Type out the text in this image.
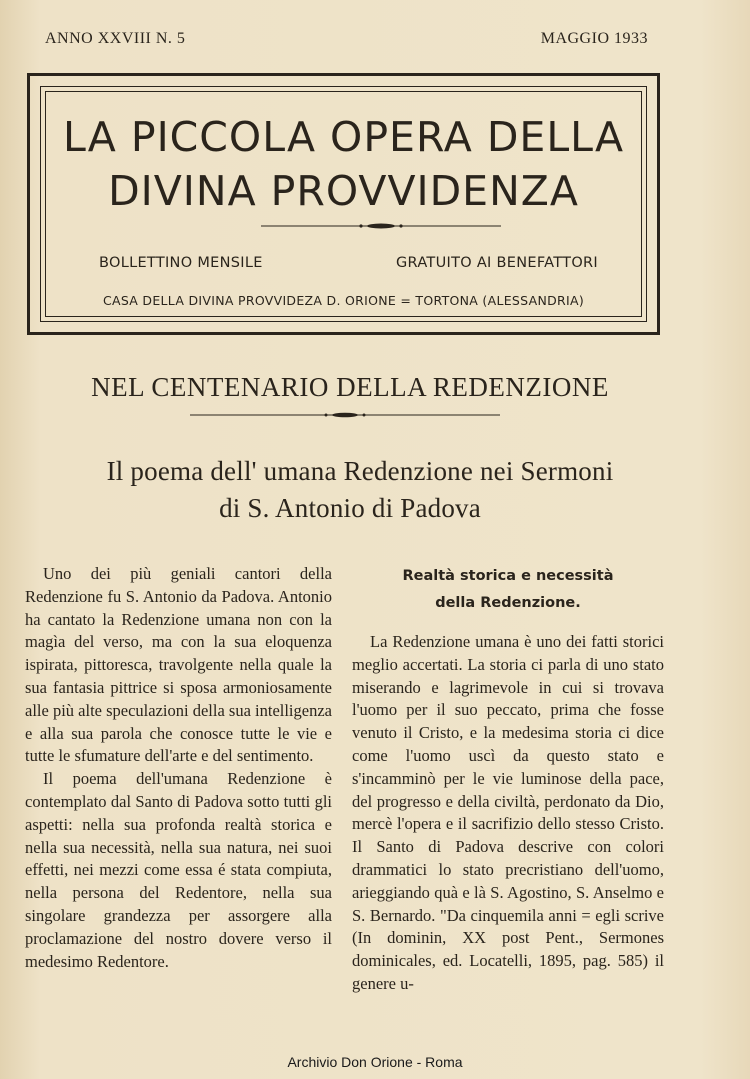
ANNO XXVIII N. 5	MAGGIO 1933
LA PICCOLA OPERA DELLA
DIVINA PROVVIDENZA
BOLLETTINO MENSILE	GRATUITO AI BENEFATTORI
CASA DELLA DIVINA PROVVIDEZA D. ORIONE = TORTONA (ALESSANDRIA)
NEL CENTENARIO DELLA REDENZIONE
Il poema dell' umana Redenzione nei Sermoni
di S. Antonio di Padova

Uno dei più geniali cantori della Redenzione fu S. Antonio da Padova. Antonio ha cantato la Redenzione umana non con la magìa del verso, ma con la sua eloquenza ispirata, pittoresca, travolgente nella quale la sua fantasia pittrice si sposa armoniosamente alle più alte speculazioni della sua intelligenza e alla sua parola che conosce tutte le vie e tutte le sfumature dell'arte e del sentimento.

Il poema dell'umana Redenzione è contemplato dal Santo di Padova sotto tutti gli aspetti: nella sua profonda realtà storica e nella sua necessità, nella sua natura, nei suoi effetti, nei mezzi come essa é stata compiuta, nella persona del Redentore, nella sua singolare grandezza per assorgere alla proclamazione del nostro dovere verso il medesimo Redentore.

Realtà storica e necessità
della Redenzione.

La Redenzione umana è uno dei fatti storici meglio accertati. La storia ci parla di uno stato miserando e lagrimevole in cui si trovava l'uomo per il suo peccato, prima che fosse venuto il Cristo, e la medesima storia ci dice come l'uomo uscì da questo stato e s'incamminò per le vie luminose della pace, del progresso e della civiltà, perdonato da Dio, mercè l'opera e il sacrifizio dello stesso Cristo. Il Santo di Padova descrive con colori drammatici lo stato precristiano dell'uomo, arieggiando quà e là S. Agostino, S. Anselmo e S. Bernardo. "Da cinquemila anni = egli scrive (In dominin, XX post Pent., Sermones dominicales, ed. Locatelli, 1895, pag. 585) il genere u-

Archivio Don Orione - Roma
